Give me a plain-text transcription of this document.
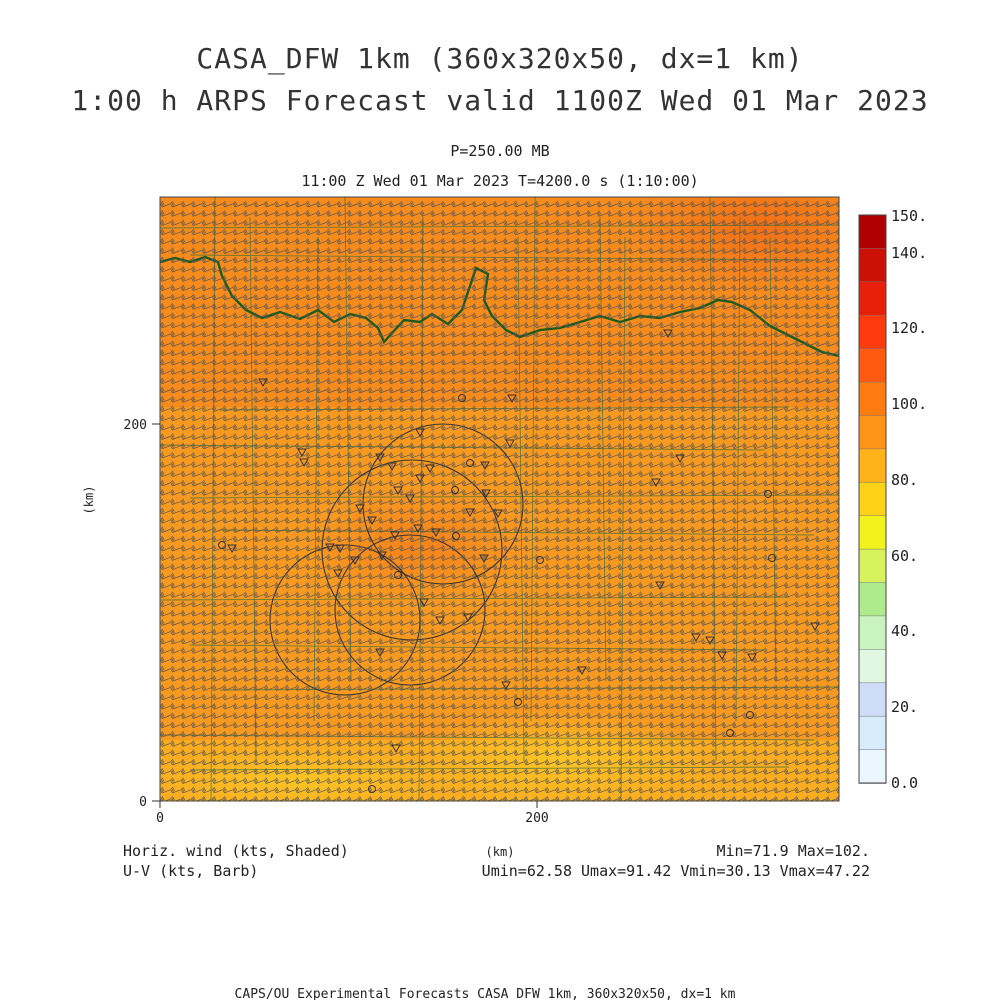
CASA_DFW 1km (360x320x50, dx=1 km)
1:00 h ARPS Forecast valid 1100Z Wed 01 Mar 2023
P=250.00 MB
11:00 Z Wed 01 Mar 2023 T=4200.0 s (1:10:00)
200
0
(km)
0	200
(km)
0.0
20.
40.
60.
80.
100.
120.
140.
150.
Horiz. wind (kts, Shaded)
U-V (kts, Barb)
Min=71.9 Max=102.
Umin=62.58 Umax=91.42 Vmin=30.13 Vmax=47.22
CAPS/OU Experimental Forecasts CASA DFW 1km, 360x320x50, dx=1 km
